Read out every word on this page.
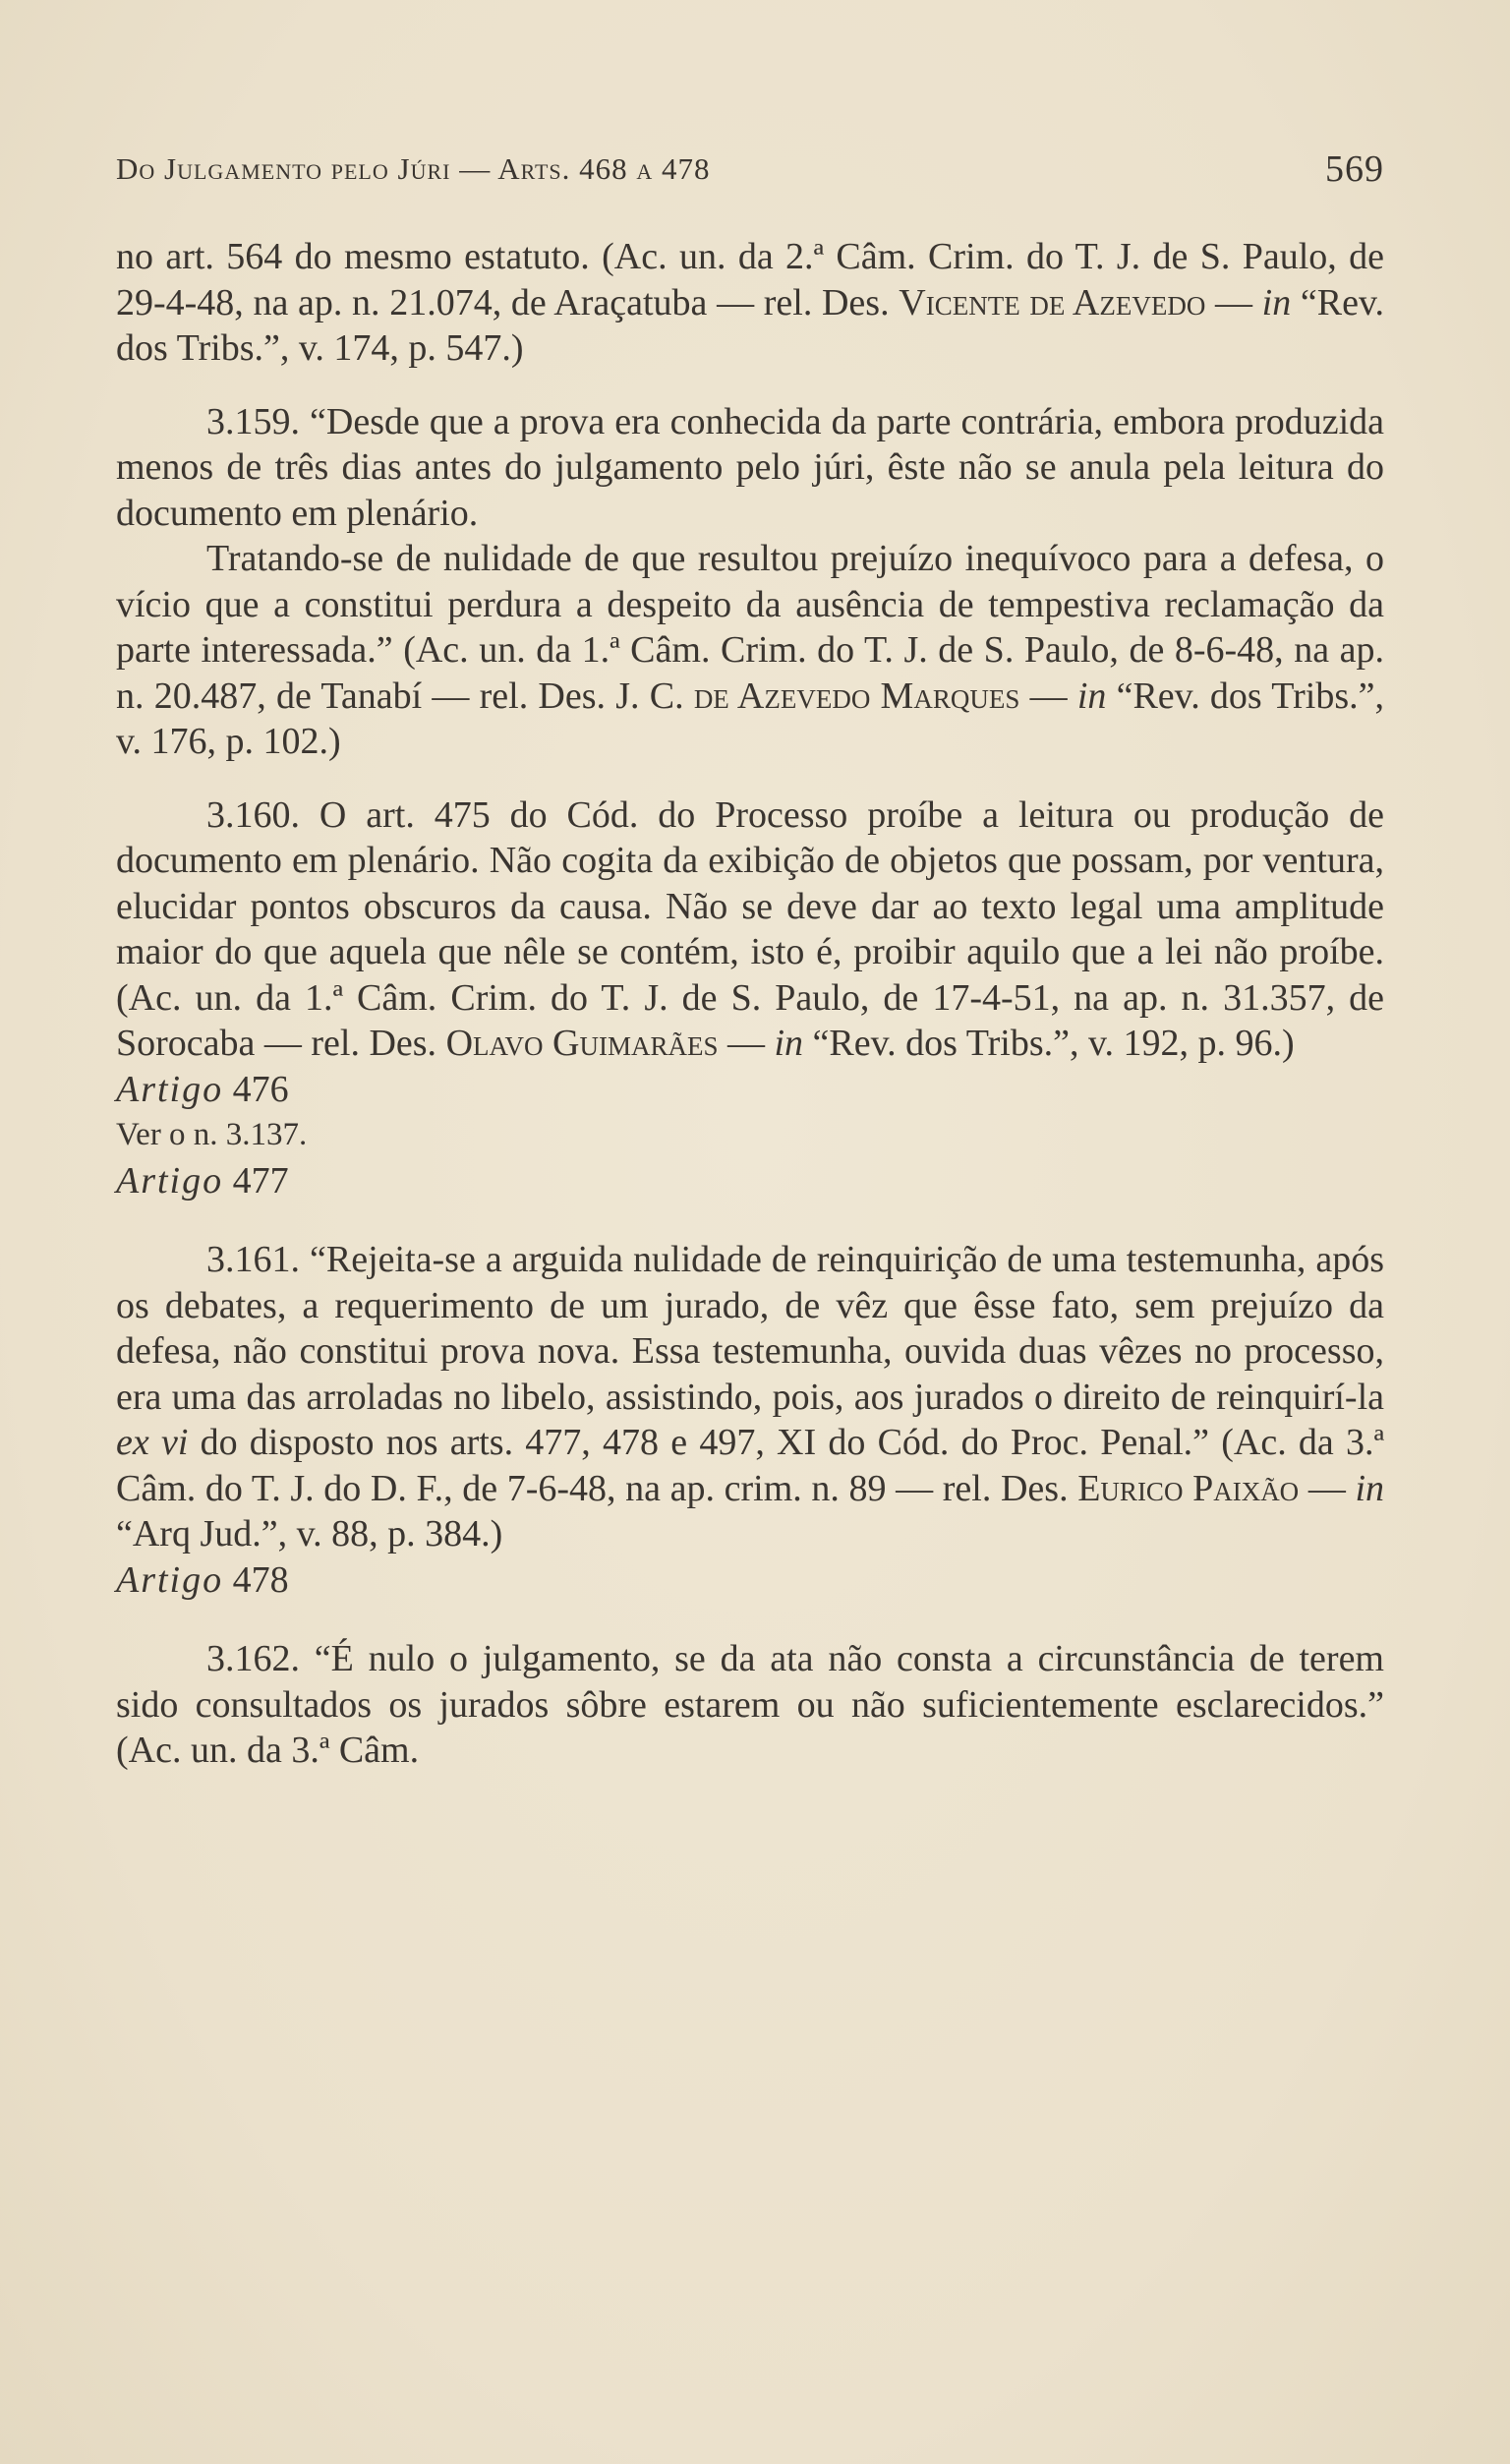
Do Julgamento pelo Júri — Arts. 468 a 478	569

no art. 564 do mesmo estatuto. (Ac. un. da 2.ª Câm. Crim. do T. J. de S. Paulo, de 29-4-48, na ap. n. 21.074, de Araçatuba — rel. Des. Vicente de Azevedo — in “Rev. dos Tribs.”, v. 174, p. 547.)

3.159. “Desde que a prova era conhecida da parte contrária, embora produzida menos de três dias antes do julgamento pelo júri, êste não se anula pela leitura do documento em plenário.

Tratando-se de nulidade de que resultou prejuízo inequívoco para a defesa, o vício que a constitui perdura a despeito da ausência de tempestiva reclamação da parte interessada.” (Ac. un. da 1.ª Câm. Crim. do T. J. de S. Paulo, de 8-6-48, na ap. n. 20.487, de Tanabí — rel. Des. J. C. de Azevedo Marques — in “Rev. dos Tribs.”, v. 176, p. 102.)

3.160. O art. 475 do Cód. do Processo proíbe a leitura ou produção de documento em plenário. Não cogita da exibição de objetos que possam, por ventura, elucidar pontos obscuros da causa. Não se deve dar ao texto legal uma amplitude maior do que aquela que nêle se contém, isto é, proibir aquilo que a lei não proíbe. (Ac. un. da 1.ª Câm. Crim. do T. J. de S. Paulo, de 17-4-51, na ap. n. 31.357, de Sorocaba — rel. Des. Olavo Guimarães — in “Rev. dos Tribs.”, v. 192, p. 96.)

Artigo 476

Ver o n. 3.137.

Artigo 477

3.161. “Rejeita-se a arguida nulidade de reinquirição de uma testemunha, após os debates, a requerimento de um jurado, de vêz que êsse fato, sem prejuízo da defesa, não constitui prova nova. Essa testemunha, ouvida duas vêzes no processo, era uma das arroladas no libelo, assistindo, pois, aos jurados o direito de reinquirí-la ex vi do disposto nos arts. 477, 478 e 497, XI do Cód. do Proc. Penal.” (Ac. da 3.ª Câm. do T. J. do D. F., de 7-6-48, na ap. crim. n. 89 — rel. Des. Eurico Paixão — in “Arq Jud.”, v. 88, p. 384.)

Artigo 478

3.162. “É nulo o julgamento, se da ata não consta a circunstância de terem sido consultados os jurados sôbre estarem ou não suficientemente esclarecidos.” (Ac. un. da 3.ª Câm.
